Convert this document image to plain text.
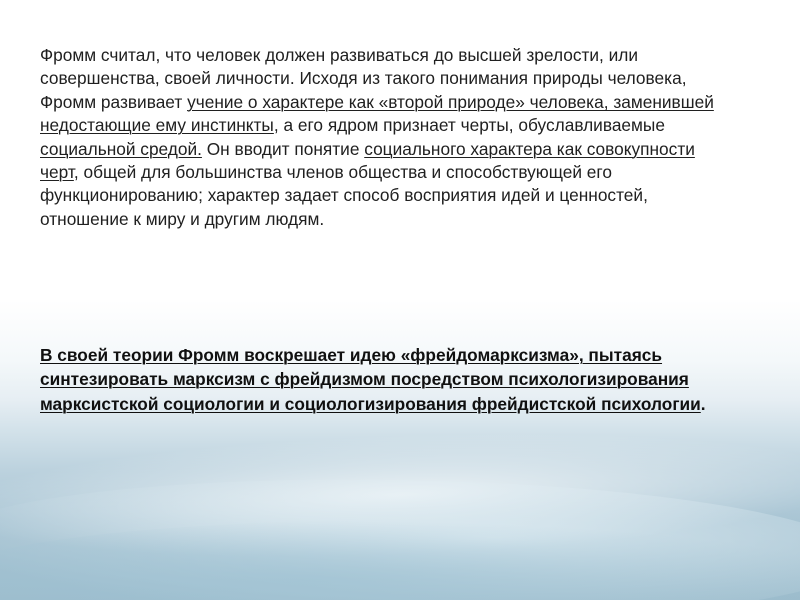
Фромм считал, что человек должен развиваться до высшей зрелости, или совершенства, своей личности. Исходя из такого понимания природы человека, Фромм развивает учение о характере как «второй природе» человека, заменившей недостающие ему инстинкты, а его ядром признает черты, обуславливаемые социальной средой. Он вводит понятие социального характера как совокупности черт, общей для большинства членов общества и способствующей его функционированию; характер задает способ восприятия идей и ценностей, отношение к миру и другим людям.

В своей теории Фромм воскрешает идею «фрейдомарксизма», пытаясь синтезировать марксизм с фрейдизмом посредством психологизирования марксистской социологии и социологизирования фрейдистской психологии.
